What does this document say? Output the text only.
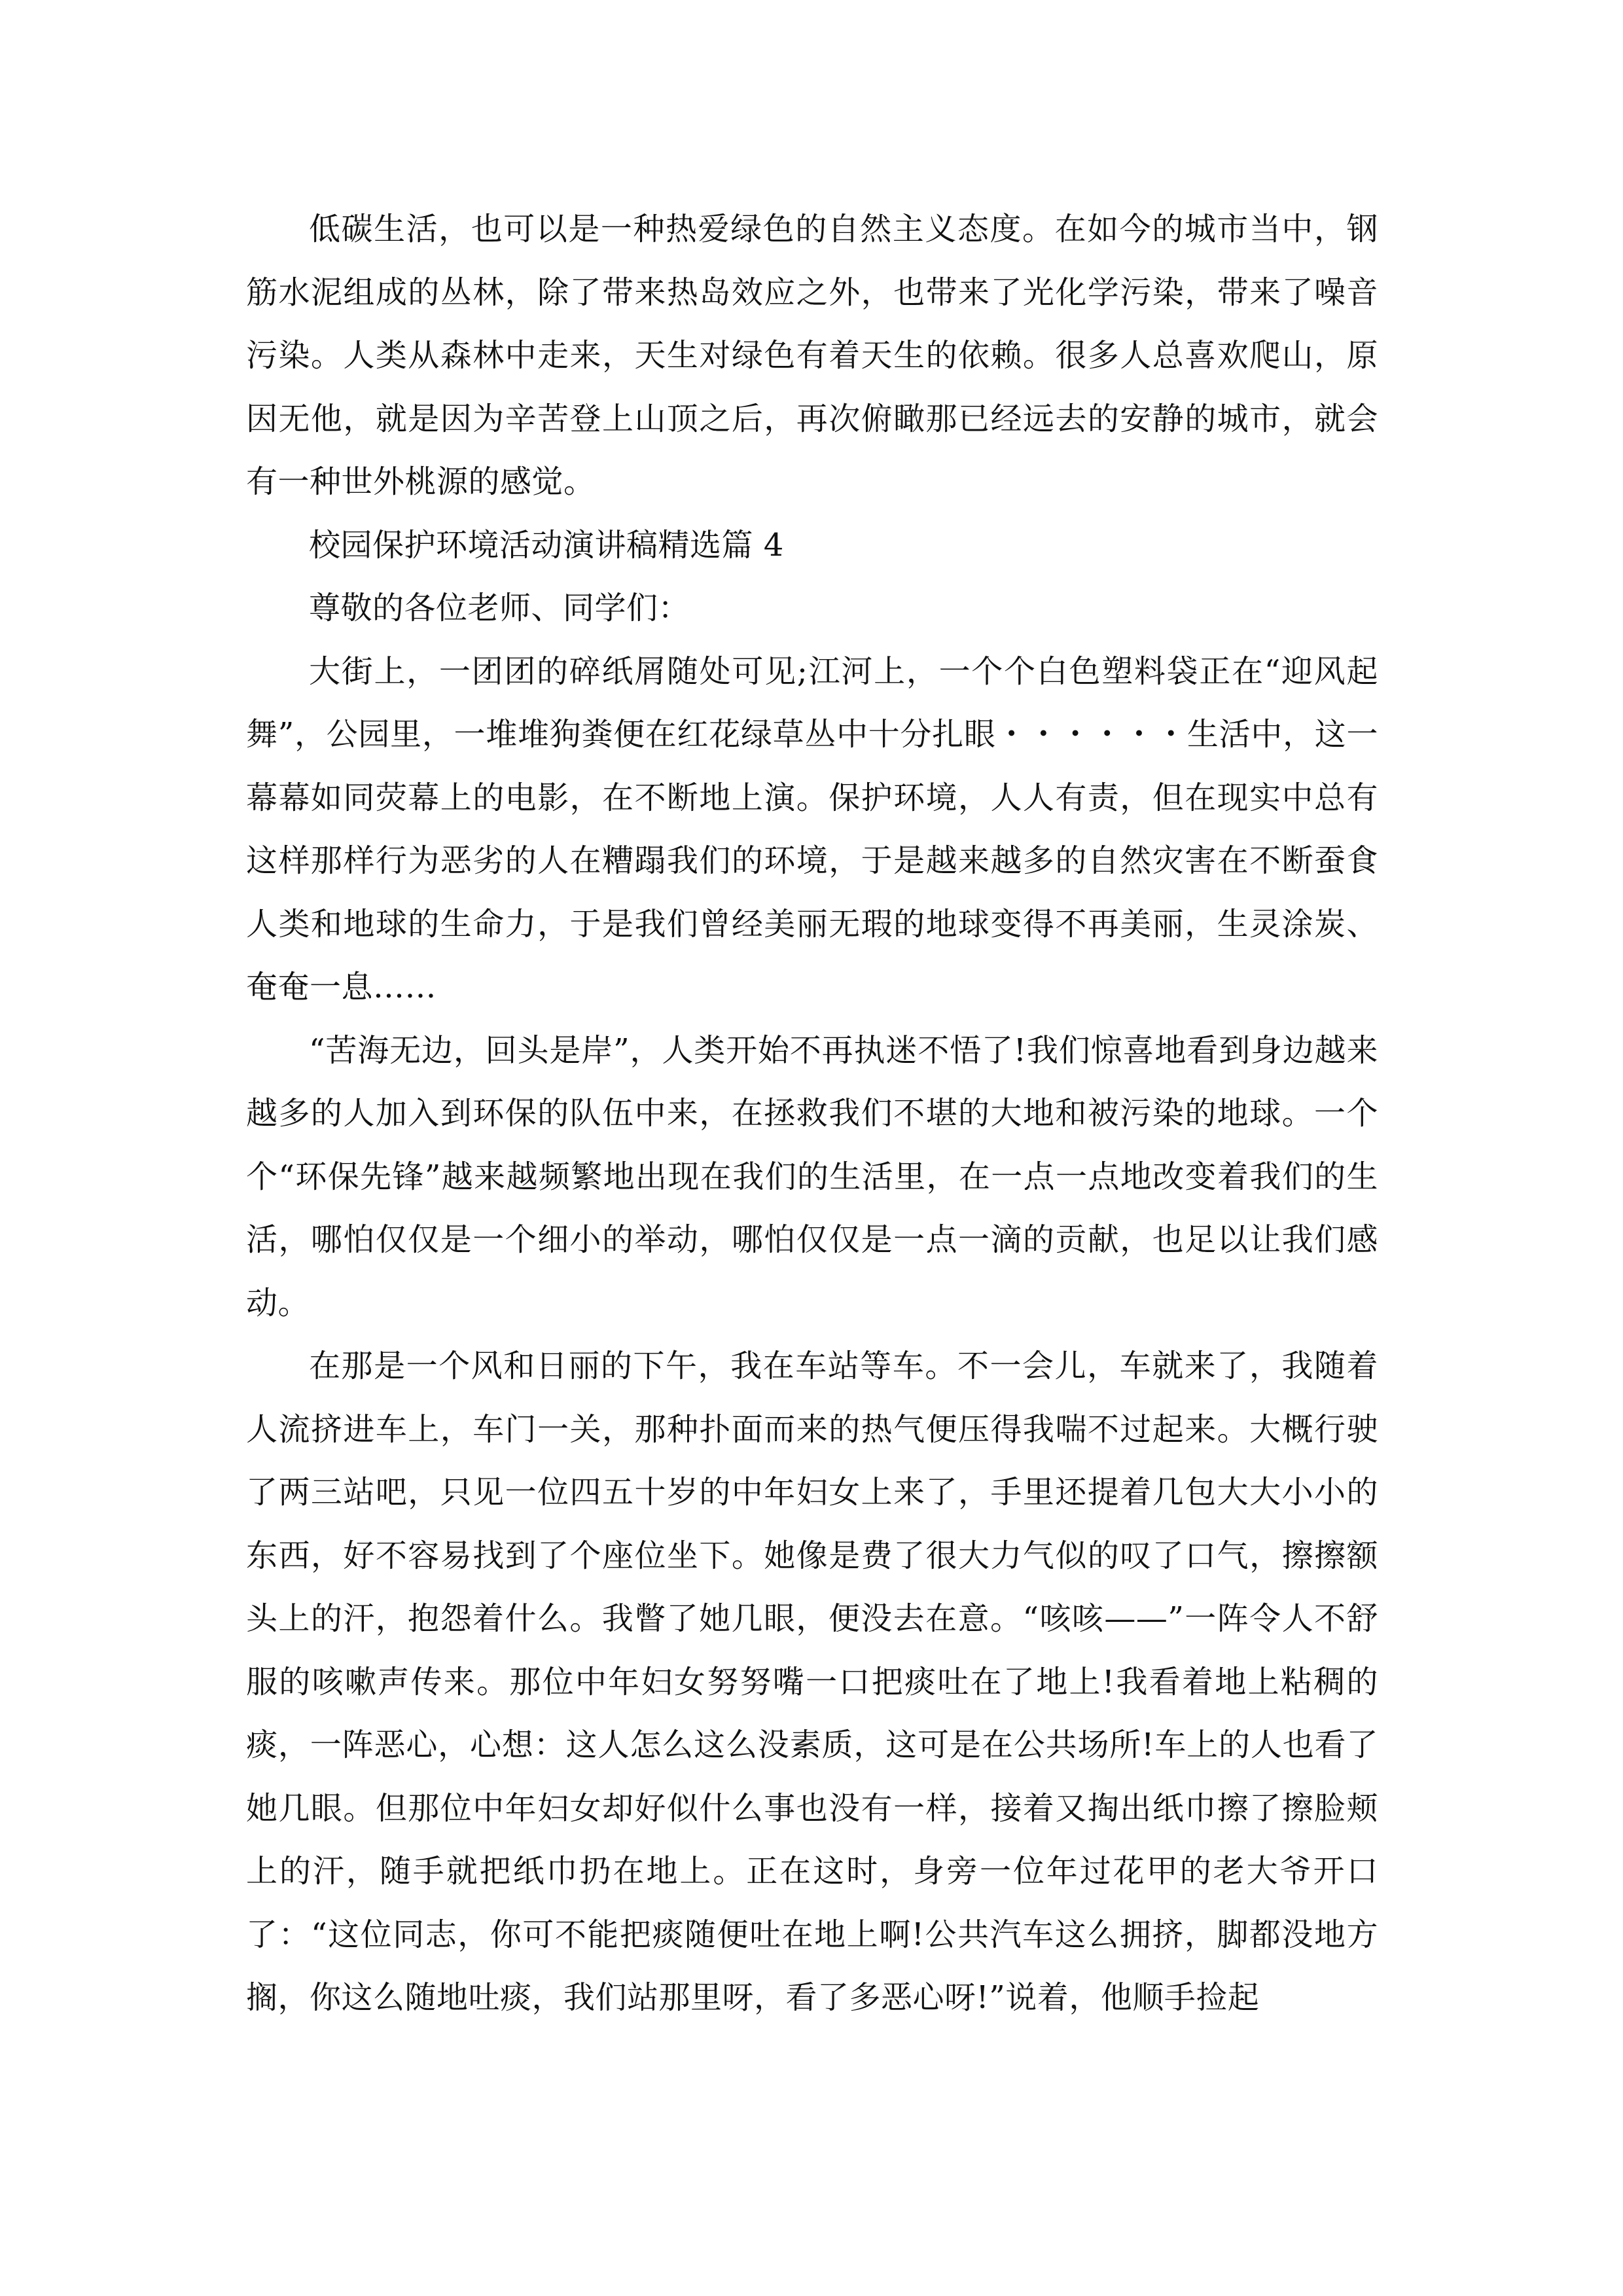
低碳生活，也可以是一种热爱绿色的自然主义态度。在如今的城市当中，钢筋水泥组成的丛林，除了带来热岛效应之外，也带来了光化学污染，带来了噪音污染。人类从森林中走来，天生对绿色有着天生的依赖。很多人总喜欢爬山，原因无他，就是因为辛苦登上山顶之后，再次俯瞰那已经远去的安静的城市，就会有一种世外桃源的感觉。

校园保护环境活动演讲稿精选篇 4

尊敬的各位老师、同学们：

大街上，一团团的碎纸屑随处可见;江河上，一个个白色塑料袋正在“迎风起舞”，公园里，一堆堆狗粪便在红花绿草丛中十分扎眼・・・・・・生活中，这一幕幕如同荧幕上的电影，在不断地上演。保护环境，人人有责，但在现实中总有这样那样行为恶劣的人在糟蹋我们的环境，于是越来越多的自然灾害在不断蚕食人类和地球的生命力，于是我们曾经美丽无瑕的地球变得不再美丽，生灵涂炭、奄奄一息……

“苦海无边，回头是岸”，人类开始不再执迷不悟了!我们惊喜地看到身边越来越多的人加入到环保的队伍中来，在拯救我们不堪的大地和被污染的地球。一个个“环保先锋”越来越频繁地出现在我们的生活里，在一点一点地改变着我们的生活，哪怕仅仅是一个细小的举动，哪怕仅仅是一点一滴的贡献，也足以让我们感动。

在那是一个风和日丽的下午，我在车站等车。不一会儿，车就来了，我随着人流挤进车上，车门一关，那种扑面而来的热气便压得我喘不过起来。大概行驶了两三站吧，只见一位四五十岁的中年妇女上来了，手里还提着几包大大小小的东西，好不容易找到了个座位坐下。她像是费了很大力气似的叹了口气，擦擦额头上的汗，抱怨着什么。我瞥了她几眼，便没去在意。“咳咳——”一阵令人不舒服的咳嗽声传来。那位中年妇女努努嘴一口把痰吐在了地上!我看着地上粘稠的痰，一阵恶心，心想：这人怎么这么没素质，这可是在公共场所!车上的人也看了她几眼。但那位中年妇女却好似什么事也没有一样，接着又掏出纸巾擦了擦脸颊上的汗，随手就把纸巾扔在地上。正在这时，身旁一位年过花甲的老大爷开口了：“这位同志，你可不能把痰随便吐在地上啊!公共汽车这么拥挤，脚都没地方搁，你这么随地吐痰，我们站那里呀，看了多恶心呀!”说着，他顺手捡起
